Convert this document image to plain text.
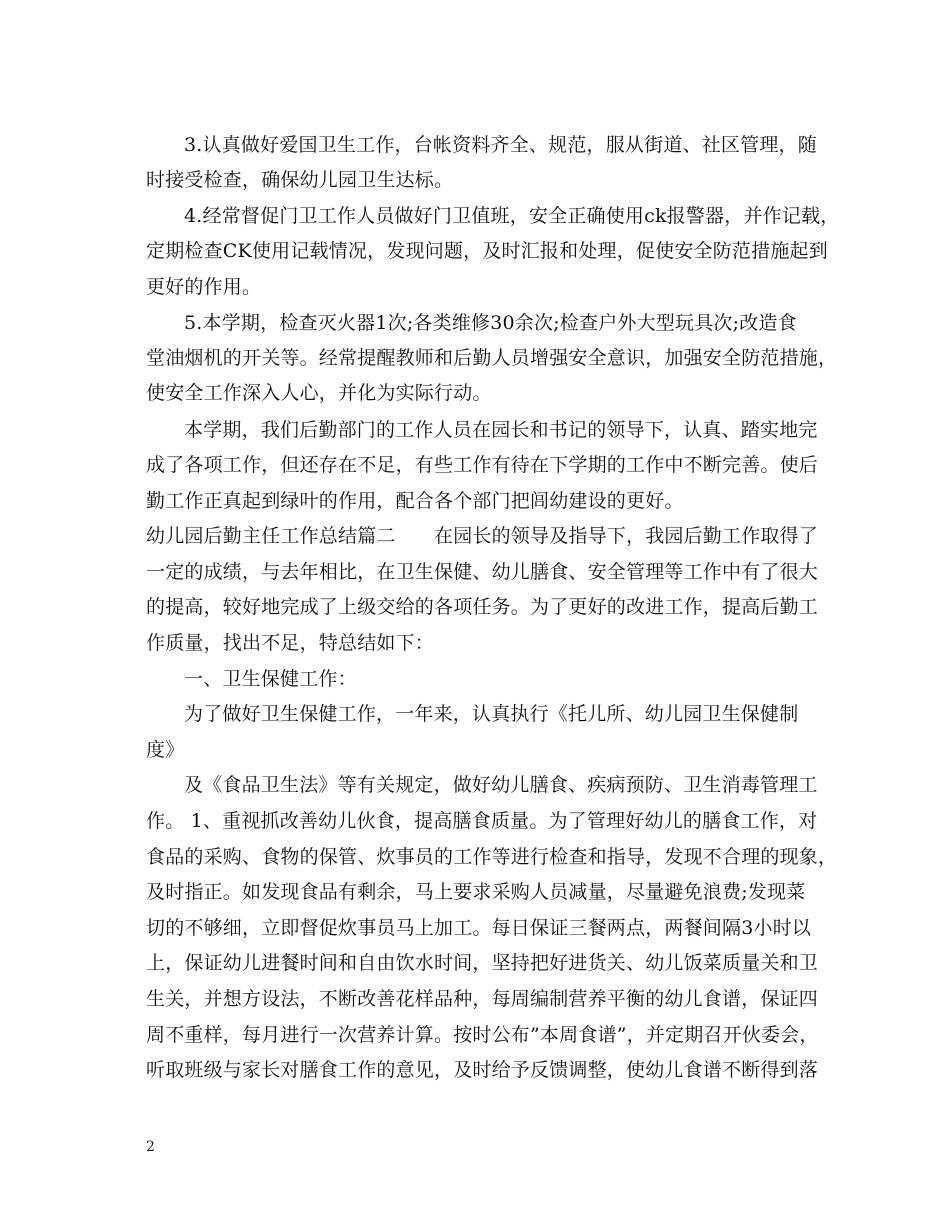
3.认真做好爱国卫生工作，台帐资料齐全、规范，服从街道、社区管理，随
时接受检查，确保幼儿园卫生达标。
4.经常督促门卫工作人员做好门卫值班，安全正确使用ck报警器，并作记载，
定期检查CK使用记载情况，发现问题，及时汇报和处理，促使安全防范措施起到
更好的作用。
5.本学期，检查灭火器1次;各类维修30余次;检查户外大型玩具次;改造食
堂油烟机的开关等。经常提醒教师和后勤人员增强安全意识，加强安全防范措施，
使安全工作深入人心，并化为实际行动。
本学期，我们后勤部门的工作人员在园长和书记的领导下，认真、踏实地完
成了各项工作，但还存在不足，有些工作有待在下学期的工作中不断完善。使后
勤工作正真起到绿叶的作用，配合各个部门把闾幼建设的更好。
幼儿园后勤主任工作总结篇二　　在园长的领导及指导下，我园后勤工作取得了
一定的成绩，与去年相比，在卫生保健、幼儿膳食、安全管理等工作中有了很大
的提高，较好地完成了上级交给的各项任务。为了更好的改进工作，提高后勤工
作质量，找出不足，特总结如下：
一、卫生保健工作：
为了做好卫生保健工作，一年来，认真执行《托儿所、幼儿园卫生保健制
度》
及《食品卫生法》等有关规定，做好幼儿膳食、疾病预防、卫生消毒管理工
作。 1、重视抓改善幼儿伙食，提高膳食质量。为了管理好幼儿的膳食工作，对
食品的采购、食物的保管、炊事员的工作等进行检查和指导，发现不合理的现象，
及时指正。如发现食品有剩余，马上要求采购人员减量，尽量避免浪费;发现菜
切的不够细，立即督促炊事员马上加工。每日保证三餐两点，两餐间隔3小时以
上，保证幼儿进餐时间和自由饮水时间，坚持把好进货关、幼儿饭菜质量关和卫
生关，并想方设法，不断改善花样品种，每周编制营养平衡的幼儿食谱，保证四
周不重样，每月进行一次营养计算。按时公布”本周食谱”，并定期召开伙委会，
听取班级与家长对膳食工作的意见，及时给予反馈调整，使幼儿食谱不断得到落
2
